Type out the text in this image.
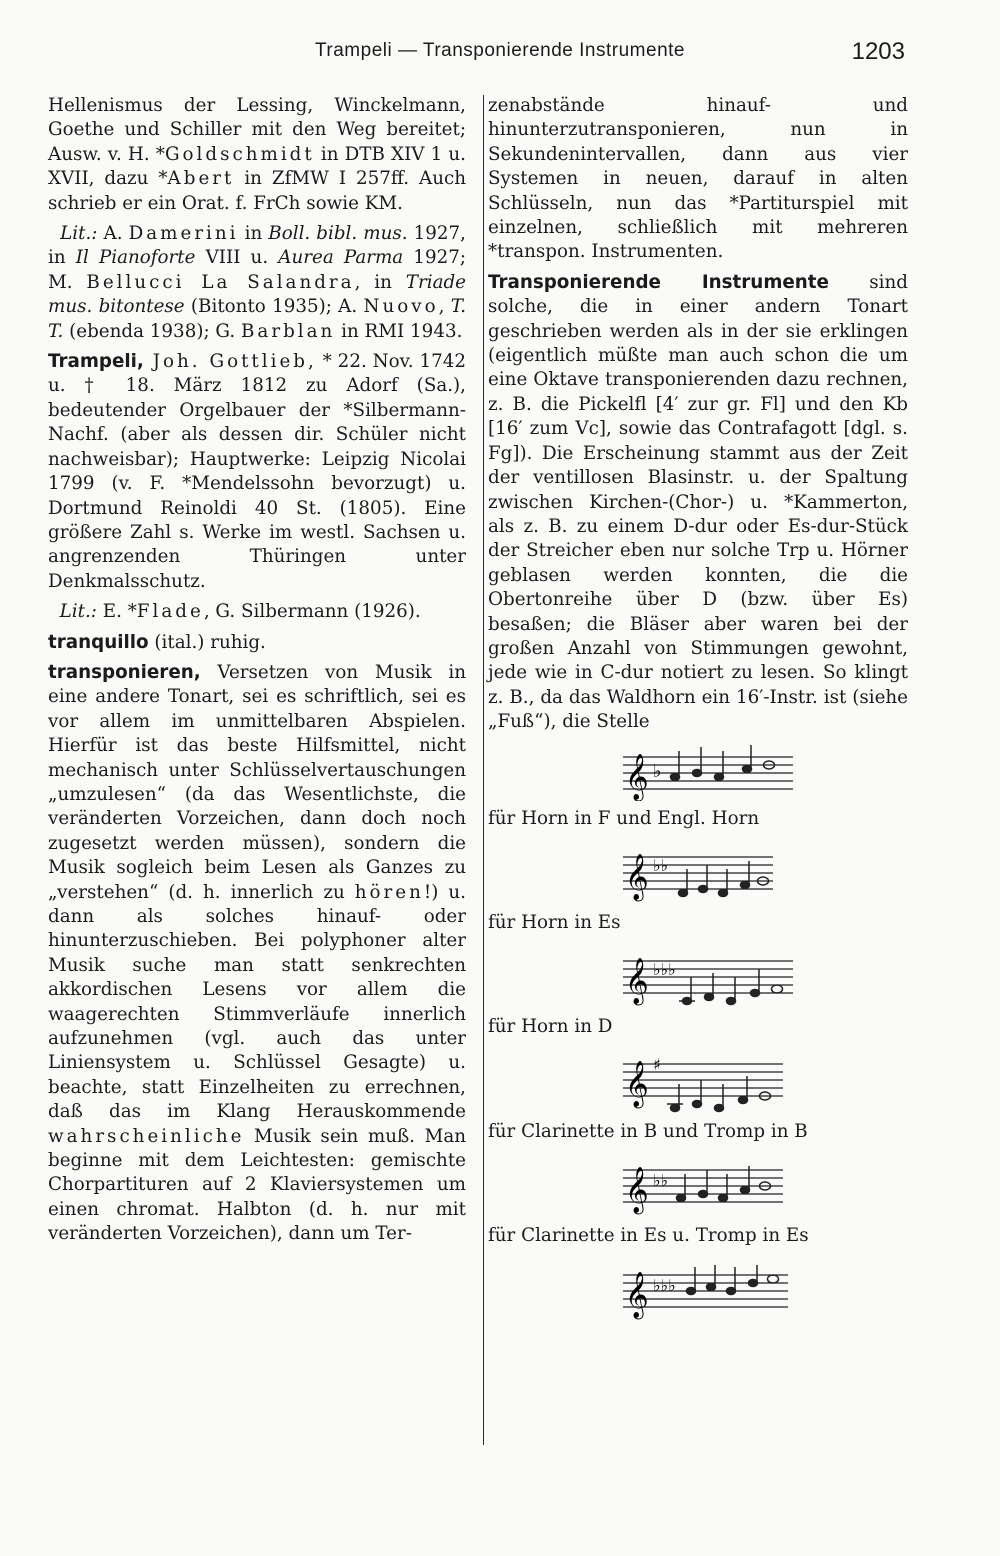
Trampeli — Transponierende Instrumente	1203

Hellenismus der Lessing, Winckelmann, Goethe und Schiller mit den Weg bereitet; Ausw. v. H. *Goldschmidt in DTB XIV 1 u. XVII, dazu *Abert in ZfMW I 257ff. Auch schrieb er ein Orat. f. FrCh sowie KM.

Lit.: A. Damerini in Boll. bibl. mus. 1927, in Il Pianoforte VIII u. Aurea Parma 1927; M. Bellucci La Salandra, in Triade mus. bitontese (Bitonto 1935); A. Nuovo, T. T. (ebenda 1938); G. Barblan in RMI 1943.

Trampeli, Joh. Gottlieb, * 22. Nov. 1742 u. † 18. März 1812 zu Adorf (Sa.), bedeutender Orgelbauer der *Silbermann-Nachf. (aber als dessen dir. Schüler nicht nachweisbar); Hauptwerke: Leipzig Nicolai 1799 (v. F. *Mendelssohn bevorzugt) u. Dortmund Reinoldi 40 St. (1805). Eine größere Zahl s. Werke im westl. Sachsen u. angrenzenden Thüringen unter Denkmalsschutz.

Lit.: E. *Flade, G. Silbermann (1926).

tranquillo (ital.) ruhig.

transponieren, Versetzen von Musik in eine andere Tonart, sei es schriftlich, sei es vor allem im unmittelbaren Abspielen. Hierfür ist das beste Hilfsmittel, nicht mechanisch unter Schlüsselvertauschungen „umzulesen“ (da das Wesentlichste, die veränderten Vorzeichen, dann doch noch zugesetzt werden müssen), sondern die Musik sogleich beim Lesen als Ganzes zu „verstehen“ (d. h. innerlich zu hören!) u. dann als solches hinauf- oder hinunterzuschieben. Bei polyphoner alter Musik suche man statt senkrechten akkordischen Lesens vor allem die waagerechten Stimmverläufe innerlich aufzunehmen (vgl. auch das unter Liniensystem u. Schlüssel Gesagte) u. beachte, statt Einzelheiten zu errechnen, daß das im Klang Herauskommende wahrscheinliche Musik sein muß. Man beginne mit dem Leichtesten: gemischte Chorpartituren auf 2 Klaviersystemen um einen chromat. Halbton (d. h. nur mit veränderten Vorzeichen), dann um Ter-

zenabstände hinauf- und hinunterzutransponieren, nun in Sekundenintervallen, dann aus vier Systemen in neuen, darauf in alten Schlüsseln, nun das *Partiturspiel mit einzelnen, schließlich mit mehreren *transpon. Instrumenten.

Transponierende Instrumente sind solche, die in einer andern Tonart geschrieben werden als in der sie erklingen (eigentlich müßte man auch schon die um eine Oktave transponierenden dazu rechnen, z. B. die Pickelfl [4′ zur gr. Fl] und den Kb [16′ zum Vc], sowie das Contrafagott [dgl. s. Fg]). Die Erscheinung stammt aus der Zeit der ventillosen Blasinstr. u. der Spaltung zwischen Kirchen-(Chor-) u. *Kammerton, als z. B. zu einem D-dur oder Es-dur-Stück der Streicher eben nur solche Trp u. Hörner geblasen werden konnten, die die Obertonreihe über D (bzw. über Es) besaßen; die Bläser aber waren bei der großen Anzahl von Stimmungen gewohnt, jede wie in C-dur notiert zu lesen. So klingt z. B., da das Waldhorn ein 16′-Instr. ist (siehe „Fuß“), die Stelle

𝄞 ♭
für Horn in F und Engl. Horn
𝄞 ♭♭
für Horn in Es
𝄞 ♭♭♭
für Horn in D
𝄞 ♯
für Clarinette in B und Tromp in B
𝄞 ♭♭
für Clarinette in Es u. Tromp in Es
𝄞 ♭♭♭
